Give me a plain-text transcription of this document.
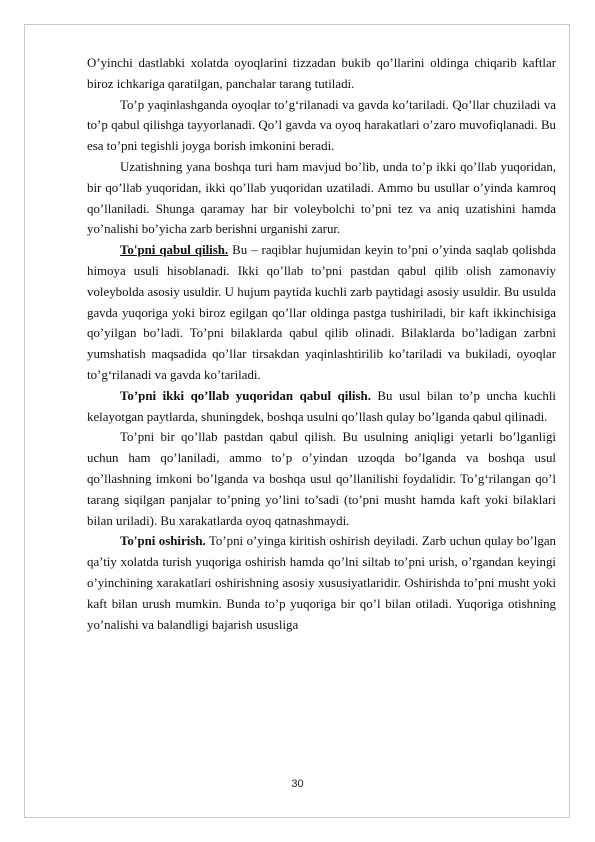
O’yinchi dastlabki xolatda oyoqlarini tizzadan bukib qo’llarini oldinga chiqarib kaftlar biroz ichkariga qaratilgan, panchalar tarang tutiladi.

To’p yaqinlashganda oyoqlar to’g‘rilanadi va gavda ko’tariladi. Qo’llar chuziladi va to’p qabul qilishga tayyorlanadi. Qo’l gavda va oyoq harakatlari o’zaro muvofiqlanadi. Bu esa to’pni tegishli joyga borish imkonini beradi.

Uzatishning yana boshqa turi ham mavjud bo’lib, unda to’p ikki qo’llab yuqoridan, bir qo’llab yuqoridan, ikki qo’llab yuqoridan uzatiladi. Ammo bu usullar o’yinda kamroq qo’llaniladi. Shunga qaramay har bir voleybolchi to’pni tez va aniq uzatishini hamda yo’nalishi bo’yicha zarb berishni urganishi zarur.

To'pni qabul qilish. Bu – raqiblar hujumidan keyin to’pni o’yinda saqlab qolishda himoya usuli hisoblanadi. Ikki qo’llab to’pni pastdan qabul qilib olish zamonaviy voleybolda asosiy usuldir. U hujum paytida kuchli zarb paytidagi asosiy usuldir. Bu usulda gavda yuqoriga yoki biroz egilgan qo’llar oldinga pastga tushiriladi, bir kaft ikkinchisiga qo’yilgan bo’ladi. To’pni bilaklarda qabul qilib olinadi. Bilaklarda bo’ladigan zarbni yumshatish maqsadida qo’llar tirsakdan yaqinlashtirilib ko’tariladi va bukiladi, oyoqlar to’g‘rilanadi va gavda ko’tariladi.

To’pni ikki qo’llab yuqoridan qabul qilish. Bu usul bilan to’p uncha kuchli kelayotgan paytlarda, shuningdek, boshqa usulni qo’llash qulay bo’lganda qabul qilinadi.

To’pni bir qo’llab pastdan qabul qilish. Bu usulning aniqligi yetarli bo’lganligi uchun ham qo’laniladi, ammo to’p o’yindan uzoqda bo’lganda va boshqa usul qo’llashning imkoni bo’lganda va boshqa usul qo’llanilishi foydalidir. To’g‘rilangan qo’l tarang siqilgan panjalar to’pning yo’lini to’sadi (to’pni musht hamda kaft yoki bilaklari bilan uriladi). Bu xarakatlarda oyoq qatnashmaydi.

To'pni oshirish. To’pni o’yinga kiritish oshirish deyiladi. Zarb uchun qulay bo’lgan qa’tiy xolatda turish yuqoriga oshirish hamda qo’lni siltab to’pni urish, o’rgandan keyingi o’yinchining xarakatlari oshirishning asosiy xususiyatlaridir. Oshirishda to’pni musht yoki kaft bilan urush mumkin. Bunda to’p yuqoriga bir qo’l bilan otiladi. Yuqoriga otishning yo’nalishi va balandligi bajarish ususliga

30
